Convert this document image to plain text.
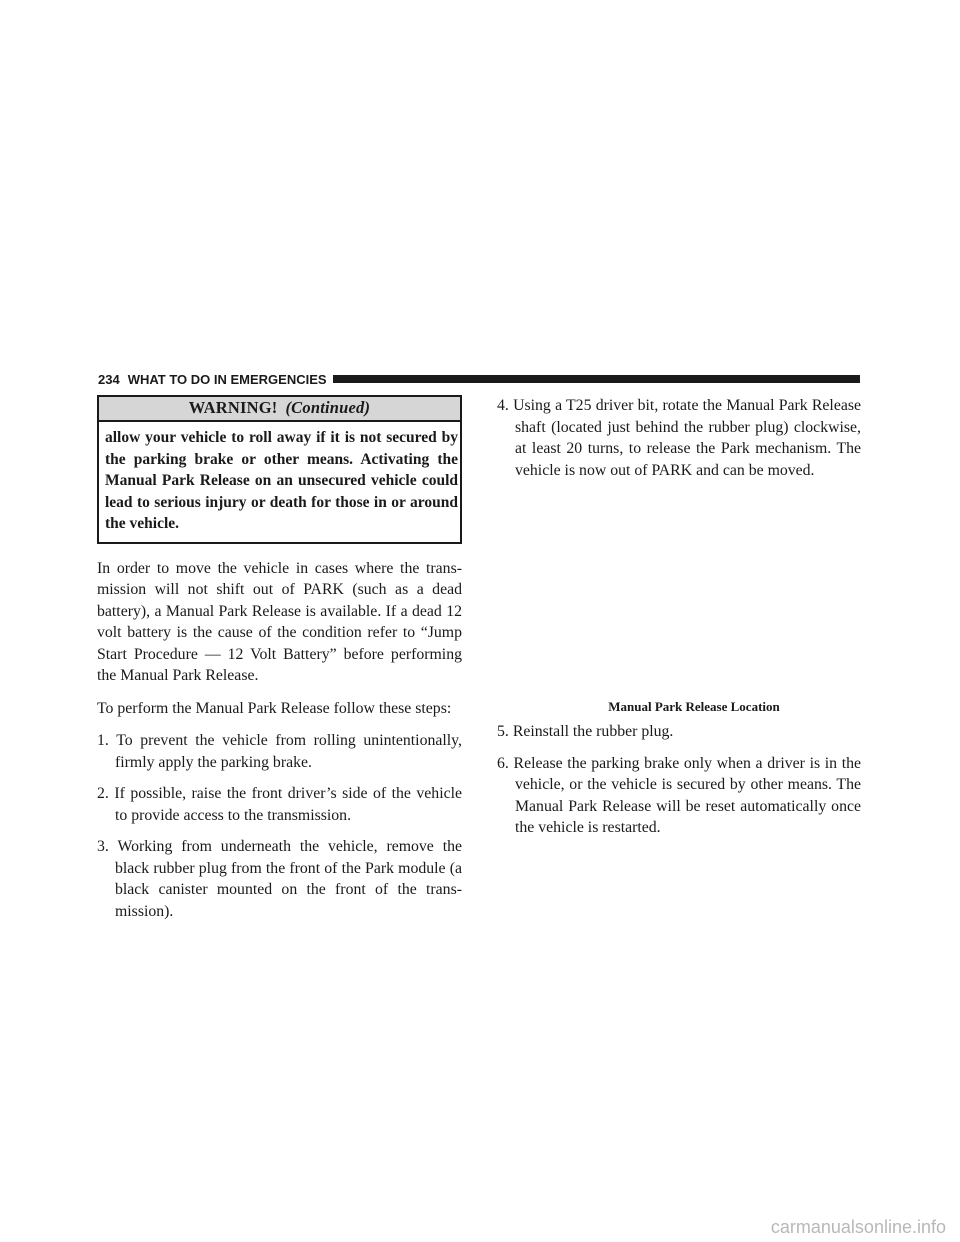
234 WHAT TO DO IN EMERGENCIES
WARNING! (Continued)
allow your vehicle to roll away if it is not secured by the parking brake or other means. Activating the Manual Park Release on an unsecured vehicle could lead to serious injury or death for those in or around the vehicle.

In order to move the vehicle in cases where the trans-mission will not shift out of PARK (such as a dead battery), a Manual Park Release is available. If a dead 12 volt battery is the cause of the condition refer to “Jump Start Procedure — 12 Volt Battery” before performing the Manual Park Release.

To perform the Manual Park Release follow these steps:

1. To prevent the vehicle from rolling unintentionally, firmly apply the parking brake.
2. If possible, raise the front driver’s side of the vehicle to provide access to the transmission.
3. Working from underneath the vehicle, remove the black rubber plug from the front of the Park module (a black canister mounted on the front of the trans-mission).
4. Using a T25 driver bit, rotate the Manual Park Release shaft (located just behind the rubber plug) clockwise, at least 20 turns, to release the Park mechanism. The vehicle is now out of PARK and can be moved.
Manual Park Release Location
5. Reinstall the rubber plug.
6. Release the parking brake only when a driver is in the vehicle, or the vehicle is secured by other means. The Manual Park Release will be reset automatically once the vehicle is restarted.
carmanualsonline.info
